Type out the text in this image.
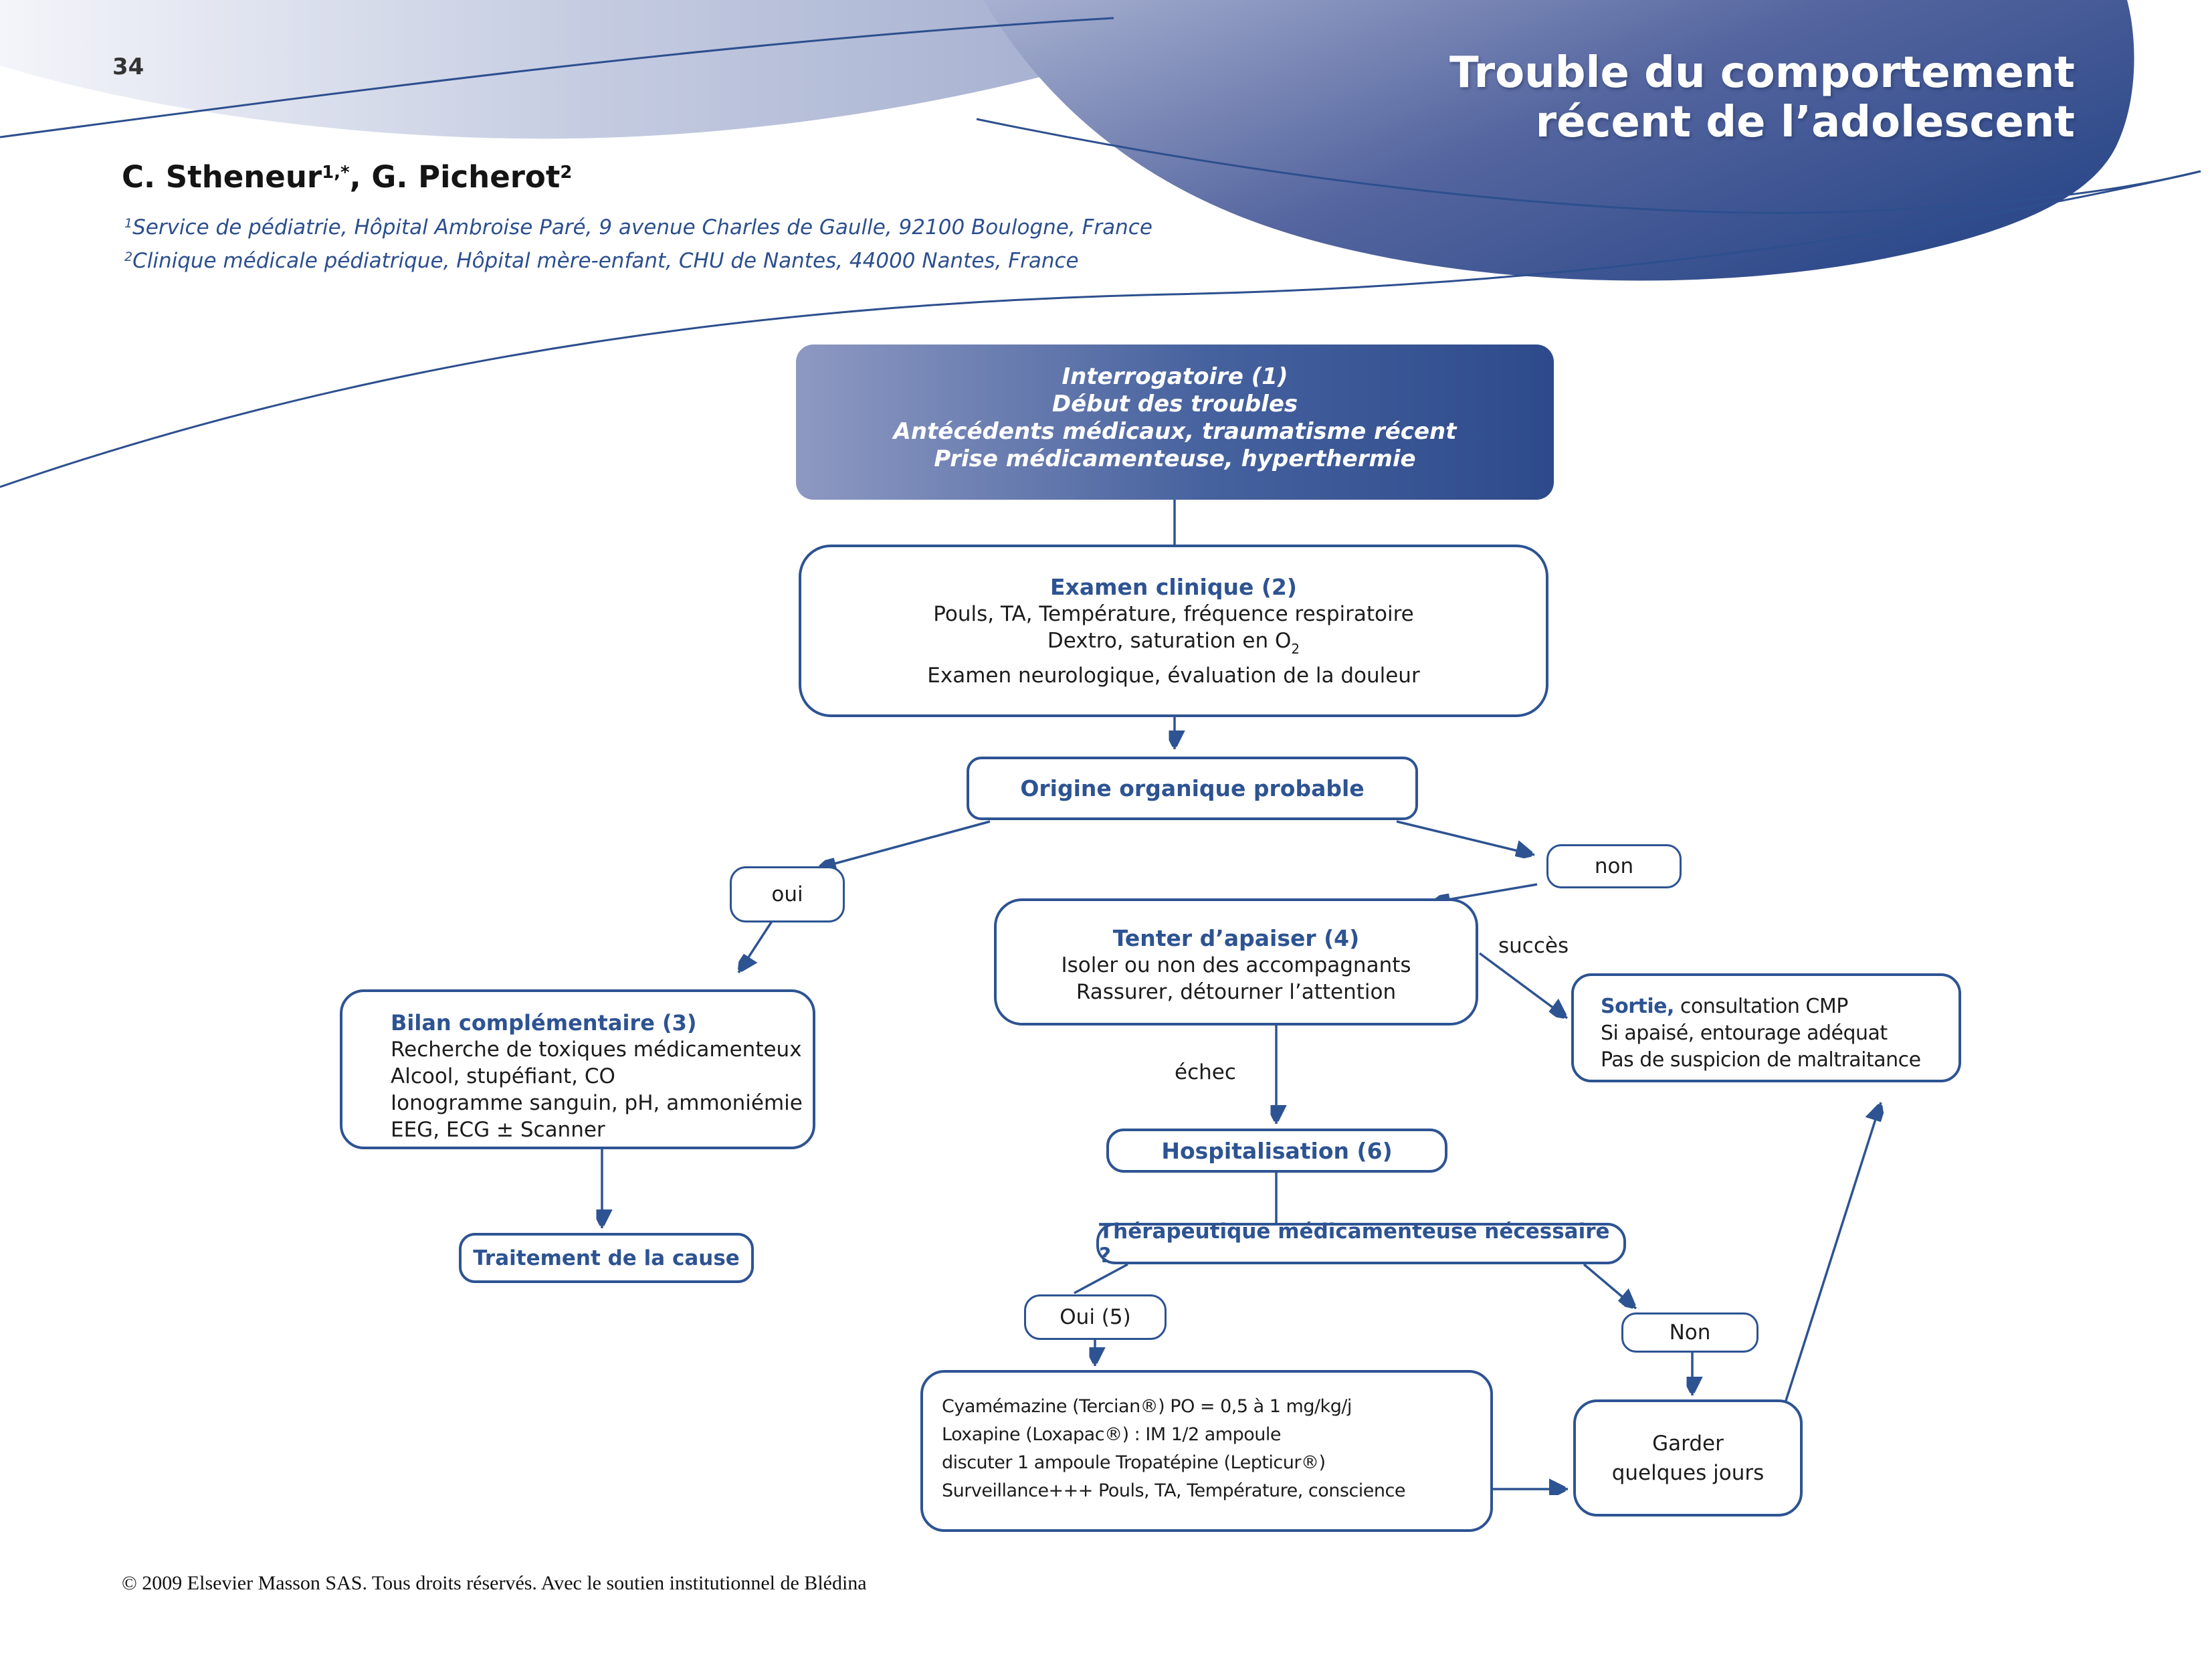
34	Trouble du comportement
récent de l’adolescent
C. Stheneur$^{1,*}$, G. Picherot$^2$
$^1$Service de pédiatrie, Hôpital Ambroise Paré, 9 avenue Charles de Gaulle, 92100 Boulogne, France
$^2$Clinique médicale pédiatrique, Hôpital mère-enfant, CHU de Nantes, 44000 Nantes, France
Interrogatoire (1)
Début des troubles
Antécédents médicaux, traumatisme récent
Prise médicamenteuse, hyperthermie
Examen clinique (2)
Pouls, TA, Température, fréquence respiratoire
Dextro, saturation en $O_2$
Examen neurologique, évaluation de la douleur
Origine organique probable
oui
non
Tenter d’apaiser (4)
Isoler ou non des accompagnants
Rassurer, détourner l’attention
succès
échec
Bilan complémentaire (3)
Recherche de toxiques médicamenteux
Alcool, stupéfiant, CO
Ionogramme sanguin, pH, ammoniémie
EEG, ECG ± Scanner
Traitement de la cause
Sortie, consultation CMP
Si apaisé, entourage adéquat
Pas de suspicion de maltraitance
Hospitalisation (6)
Thérapeutique médicamenteuse nécessaire ?
Oui (5)
Non
Cyamémazine (Tercian®) PO = 0,5 à 1 mg/kg/j
Loxapine (Loxapac®) : IM 1/2 ampoule
discuter 1 ampoule Tropatépine (Lepticur®)
Surveillance+++ Pouls, TA, Température, conscience
Garder
quelques jours
© 2009 Elsevier Masson SAS. Tous droits réservés. Avec le soutien institutionnel de Blédina
